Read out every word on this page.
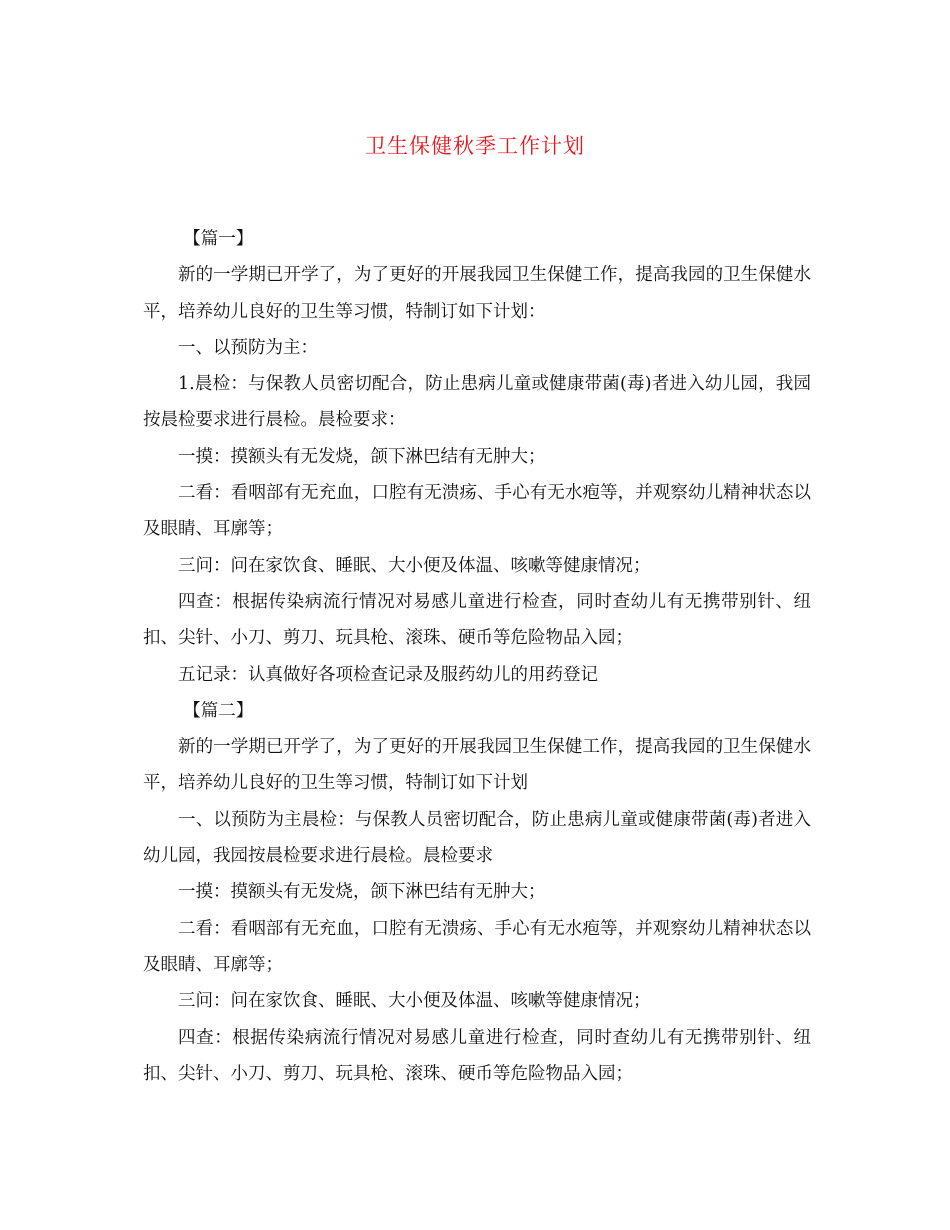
卫生保健秋季工作计划

【篇一】

新的一学期已开学了，为了更好的开展我园卫生保健工作，提高我园的卫生保健水平，培养幼儿良好的卫生等习惯，特制订如下计划：

一、以预防为主：

1.晨检：与保教人员密切配合，防止患病儿童或健康带菌(毒)者进入幼儿园，我园按晨检要求进行晨检。晨检要求：

一摸：摸额头有无发烧，颌下淋巴结有无肿大；

二看：看咽部有无充血，口腔有无溃疡、手心有无水疱等，并观察幼儿精神状态以及眼睛、耳廓等；

三问：问在家饮食、睡眠、大小便及体温、咳嗽等健康情况；

四查：根据传染病流行情况对易感儿童进行检查，同时查幼儿有无携带别针、纽扣、尖针、小刀、剪刀、玩具枪、滚珠、硬币等危险物品入园；

五记录：认真做好各项检查记录及服药幼儿的用药登记

【篇二】

新的一学期已开学了，为了更好的开展我园卫生保健工作，提高我园的卫生保健水平，培养幼儿良好的卫生等习惯，特制订如下计划

一、以预防为主晨检：与保教人员密切配合，防止患病儿童或健康带菌(毒)者进入幼儿园，我园按晨检要求进行晨检。晨检要求

一摸：摸额头有无发烧，颌下淋巴结有无肿大；

二看：看咽部有无充血，口腔有无溃疡、手心有无水疱等，并观察幼儿精神状态以及眼睛、耳廓等；

三问：问在家饮食、睡眠、大小便及体温、咳嗽等健康情况；

四查：根据传染病流行情况对易感儿童进行检查，同时查幼儿有无携带别针、纽扣、尖针、小刀、剪刀、玩具枪、滚珠、硬币等危险物品入园；
